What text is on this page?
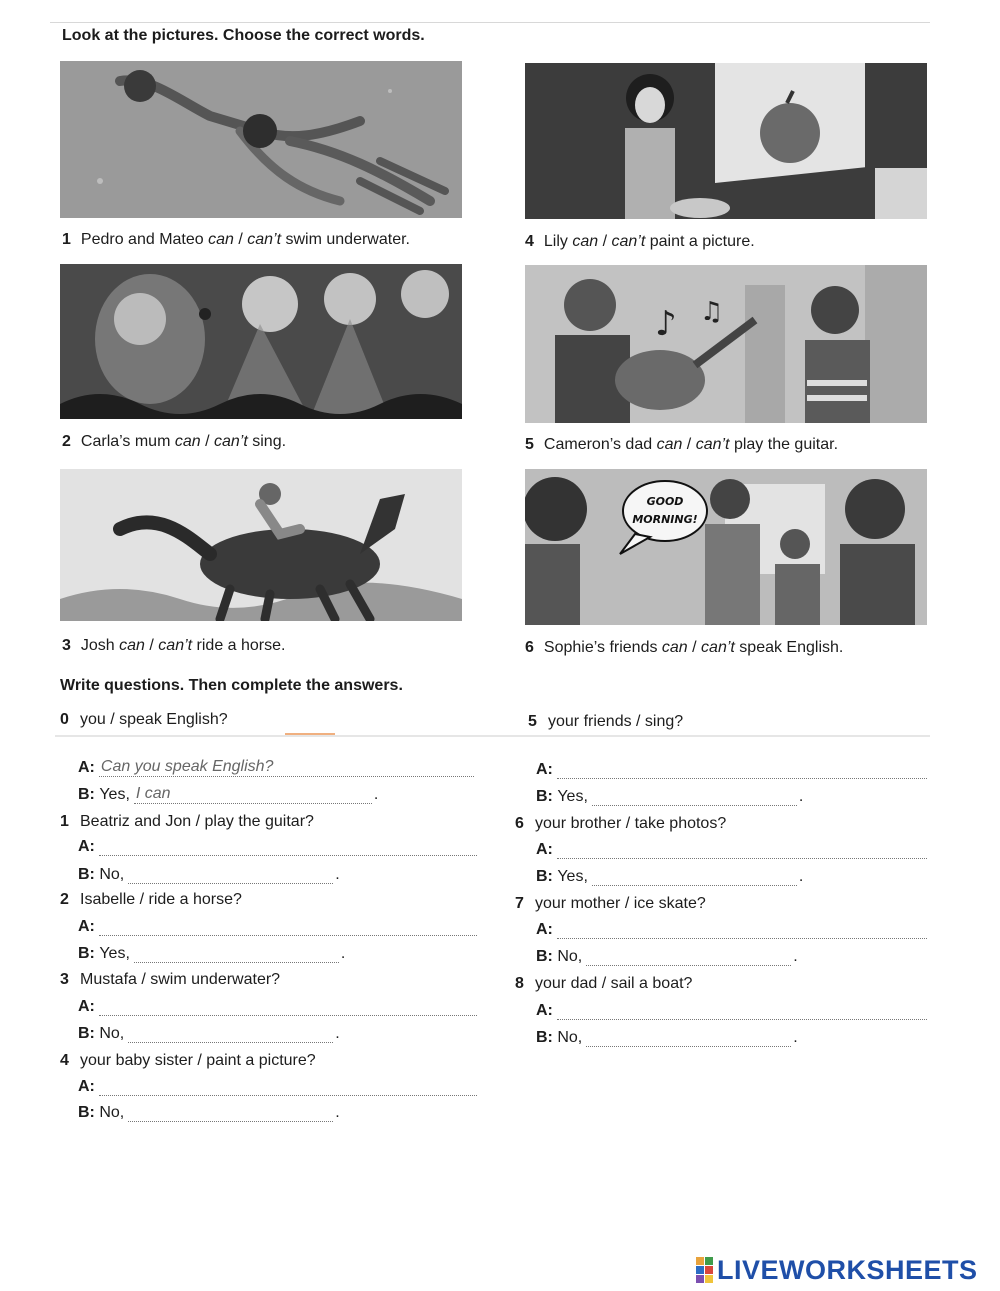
Look at the pictures. Choose the correct words.
1 Pedro and Mateo can / can’t swim underwater.
2 Carla’s mum can / can’t sing.
3 Josh can / can’t ride a horse.
4 Lily can / can’t paint a picture.
♪ ♫
5 Cameron’s dad can / can’t play the guitar.
GOOD
MORNING!
6 Sophie’s friends can / can’t speak English.
Write questions. Then complete the answers.
0 you / speak English?	5 your friends / sing?
A: Can you speak English?
B:
Yes, I can	.
1 Beatriz and Jon / play the guitar?
A:
B:
No,	.
2 Isabelle / ride a horse?
A:
B:
Yes,	.
3 Mustafa / swim underwater?
A:
B:
No,	.
4 your baby sister / paint a picture?
A:
B:
No,	.
A:
B:
Yes,	.
6 your brother / take photos?
A:
B:
Yes,	.
7 your mother / ice skate?
A:
B:
No,	.
8 your dad / sail a boat?
A:
B:
No,	.
LIVEWORKSHEETS
